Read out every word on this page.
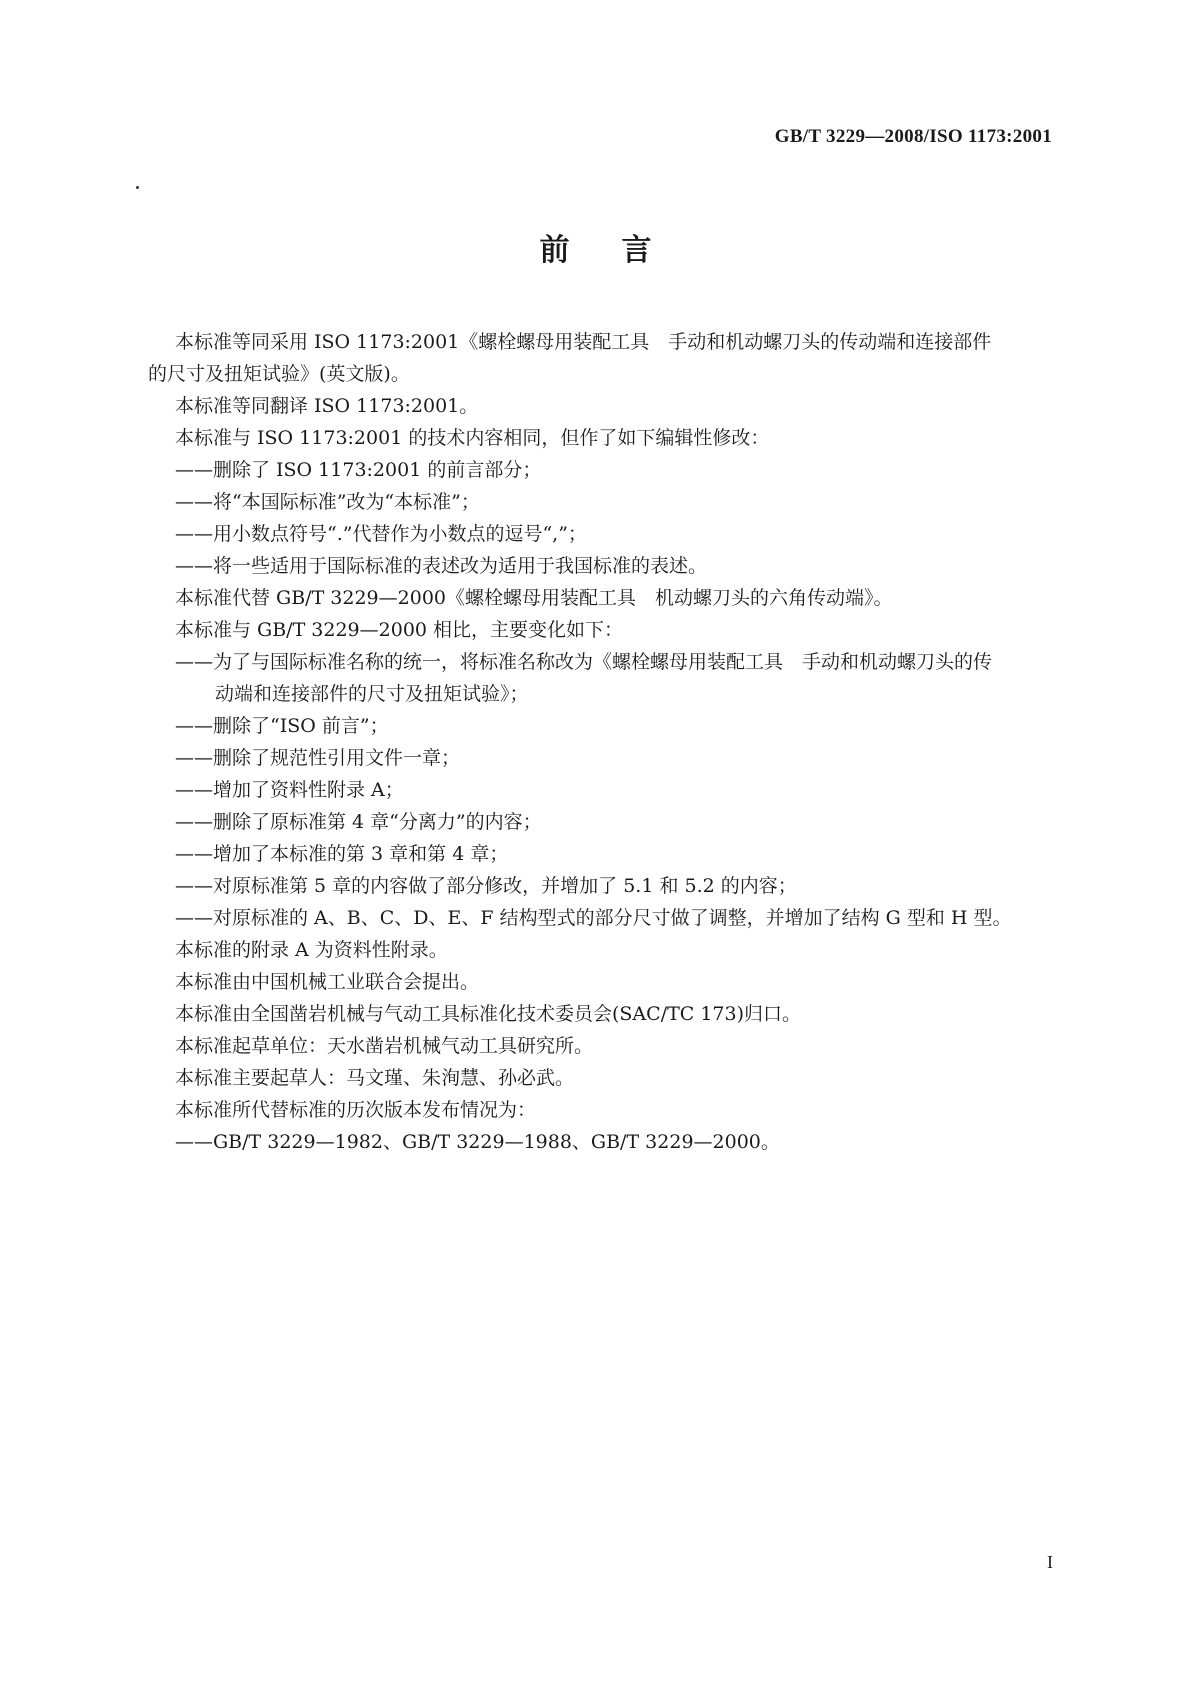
GB/T 3229—2008/ISO 1173:2001
前言
本标准等同采用 ISO 1173:2001《螺栓螺母用装配工具　手动和机动螺刀头的传动端和连接部件
的尺寸及扭矩试验》(英文版)。
本标准等同翻译 ISO 1173:2001。
本标准与 ISO 1173:2001 的技术内容相同，但作了如下编辑性修改：
——删除了 ISO 1173:2001 的前言部分；
——将“本国际标准”改为“本标准”；
——用小数点符号“.”代替作为小数点的逗号“,”；
——将一些适用于国际标准的表述改为适用于我国标准的表述。
本标准代替 GB/T 3229—2000《螺栓螺母用装配工具　机动螺刀头的六角传动端》。
本标准与 GB/T 3229—2000 相比，主要变化如下：
——为了与国际标准名称的统一，将标准名称改为《螺栓螺母用装配工具　手动和机动螺刀头的传
动端和连接部件的尺寸及扭矩试验》；
——删除了“ISO 前言”；
——删除了规范性引用文件一章；
——增加了资料性附录 A；
——删除了原标准第 4 章“分离力”的内容；
——增加了本标准的第 3 章和第 4 章；
——对原标准第 5 章的内容做了部分修改，并增加了 5.1 和 5.2 的内容；
——对原标准的 A、B、C、D、E、F 结构型式的部分尺寸做了调整，并增加了结构 G 型和 H 型。
本标准的附录 A 为资料性附录。
本标准由中国机械工业联合会提出。
本标准由全国凿岩机械与气动工具标准化技术委员会(SAC/TC 173)归口。
本标准起草单位：天水凿岩机械气动工具研究所。
本标准主要起草人：马文瑾、朱洵慧、孙必武。
本标准所代替标准的历次版本发布情况为：
——GB/T 3229—1982、GB/T 3229—1988、GB/T 3229—2000。
I
